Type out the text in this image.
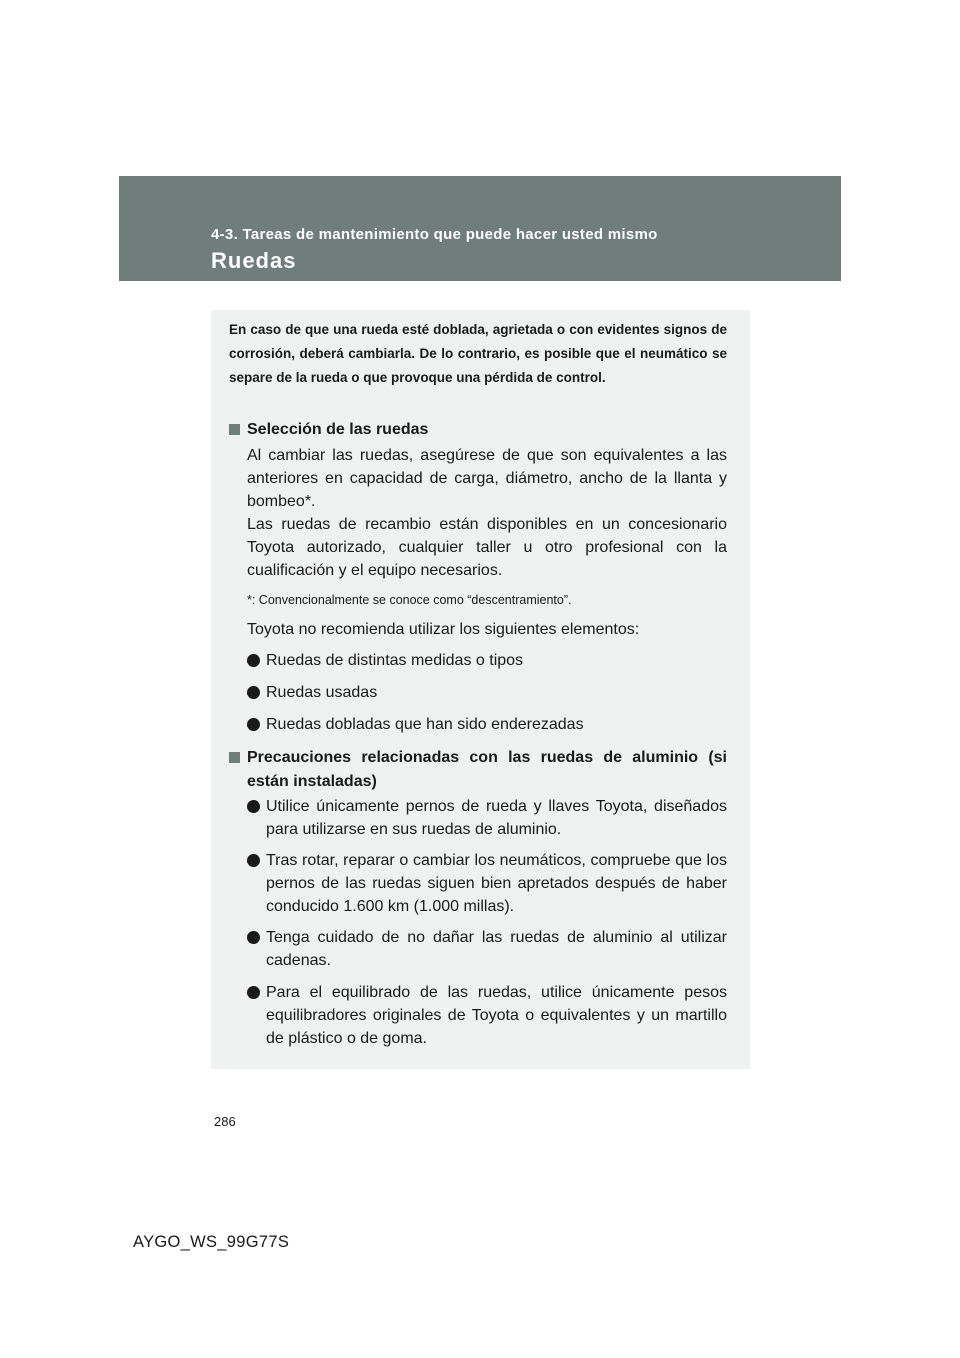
4-3. Tareas de mantenimiento que puede hacer usted mismo
Ruedas
En caso de que una rueda esté doblada, agrietada o con evidentes signos de corrosión, deberá cambiarla. De lo contrario, es posible que el neumático se separe de la rueda o que provoque una pérdida de control.
Selección de las ruedas
Al cambiar las ruedas, asegúrese de que son equivalentes a las anteriores en capacidad de carga, diámetro, ancho de la llanta y bombeo*.
Las ruedas de recambio están disponibles en un concesionario Toyota autorizado, cualquier taller u otro profesional con la cualificación y el equipo necesarios.
*: Convencionalmente se conoce como “descentramiento”.
Toyota no recomienda utilizar los siguientes elementos:
Ruedas de distintas medidas o tipos
Ruedas usadas
Ruedas dobladas que han sido enderezadas
Precauciones relacionadas con las ruedas de aluminio (si están instaladas)
Utilice únicamente pernos de rueda y llaves Toyota, diseñados para utilizarse en sus ruedas de aluminio.
Tras rotar, reparar o cambiar los neumáticos, compruebe que los pernos de las ruedas siguen bien apretados después de haber conducido 1.600 km (1.000 millas).
Tenga cuidado de no dañar las ruedas de aluminio al utilizar cadenas.
Para el equilibrado de las ruedas, utilice únicamente pesos equilibradores originales de Toyota o equivalentes y un martillo de plástico o de goma.
286
AYGO_WS_99G77S
